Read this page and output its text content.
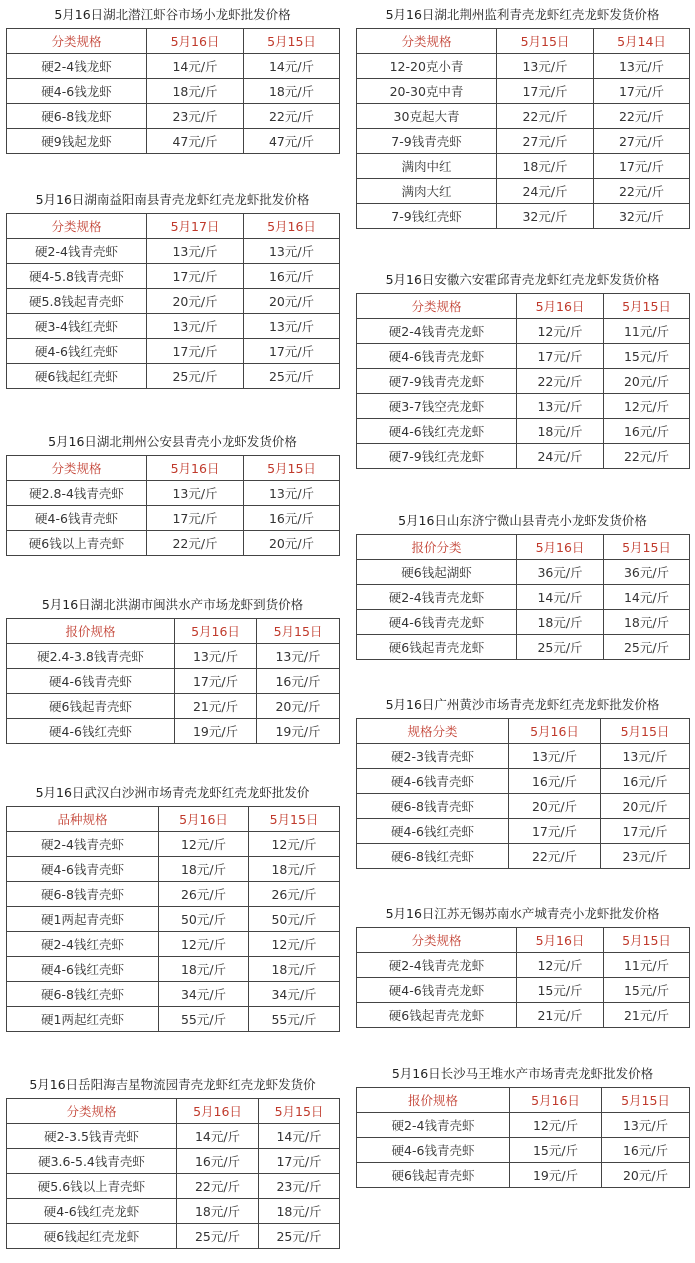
5月16日湖北潜江虾谷市场小龙虾批发价格
分类规格	5月16日	5月15日
硬2-4钱龙虾	14元/斤	14元/斤
硬4-6钱龙虾	18元/斤	18元/斤
硬6-8钱龙虾	23元/斤	22元/斤
硬9钱起龙虾	47元/斤	47元/斤
5月16日湖南益阳南县青壳龙虾红壳龙虾批发价格
分类规格	5月17日	5月16日
硬2-4钱青壳虾	13元/斤	13元/斤
硬4-5.8钱青壳虾	17元/斤	16元/斤
硬5.8钱起青壳虾	20元/斤	20元/斤
硬3-4钱红壳虾	13元/斤	13元/斤
硬4-6钱红壳虾	17元/斤	17元/斤
硬6钱起红壳虾	25元/斤	25元/斤
5月16日湖北荆州公安县青壳小龙虾发货价格
分类规格	5月16日	5月15日
硬2.8-4钱青壳虾	13元/斤	13元/斤
硬4-6钱青壳虾	17元/斤	16元/斤
硬6钱以上青壳虾	22元/斤	20元/斤
5月16日湖北洪湖市闽洪水产市场龙虾到货价格
报价规格	5月16日	5月15日
硬2.4-3.8钱青壳虾	13元/斤	13元/斤
硬4-6钱青壳虾	17元/斤	16元/斤
硬6钱起青壳虾	21元/斤	20元/斤
硬4-6钱红壳虾	19元/斤	19元/斤
5月16日武汉白沙洲市场青壳龙虾红壳龙虾批发价
品种规格	5月16日	5月15日
硬2-4钱青壳虾	12元/斤	12元/斤
硬4-6钱青壳虾	18元/斤	18元/斤
硬6-8钱青壳虾	26元/斤	26元/斤
硬1两起青壳虾	50元/斤	50元/斤
硬2-4钱红壳虾	12元/斤	12元/斤
硬4-6钱红壳虾	18元/斤	18元/斤
硬6-8钱红壳虾	34元/斤	34元/斤
硬1两起红壳虾	55元/斤	55元/斤
5月16日岳阳海吉星物流园青壳龙虾红壳龙虾发货价
分类规格	5月16日	5月15日
硬2-3.5钱青壳虾	14元/斤	14元/斤
硬3.6-5.4钱青壳虾	16元/斤	17元/斤
硬5.6钱以上青壳虾	22元/斤	23元/斤
硬4-6钱红壳龙虾	18元/斤	18元/斤
硬6钱起红壳龙虾	25元/斤	25元/斤
5月16日湖北荆州监利青壳龙虾红壳龙虾发货价格
分类规格	5月15日	5月14日
12-20克小青	13元/斤	13元/斤
20-30克中青	17元/斤	17元/斤
30克起大青	22元/斤	22元/斤
7-9钱青壳虾	27元/斤	27元/斤
满肉中红	18元/斤	17元/斤
满肉大红	24元/斤	22元/斤
7-9钱红壳虾	32元/斤	32元/斤
5月16日安徽六安霍邱青壳龙虾红壳龙虾发货价格
分类规格	5月16日	5月15日
硬2-4钱青壳龙虾	12元/斤	11元/斤
硬4-6钱青壳龙虾	17元/斤	15元/斤
硬7-9钱青壳龙虾	22元/斤	20元/斤
硬3-7钱空壳龙虾	13元/斤	12元/斤
硬4-6钱红壳龙虾	18元/斤	16元/斤
硬7-9钱红壳龙虾	24元/斤	22元/斤
5月16日山东济宁微山县青壳小龙虾发货价格
报价分类	5月16日	5月15日
硬6钱起湖虾	36元/斤	36元/斤
硬2-4钱青壳龙虾	14元/斤	14元/斤
硬4-6钱青壳龙虾	18元/斤	18元/斤
硬6钱起青壳龙虾	25元/斤	25元/斤
5月16日广州黄沙市场青壳龙虾红壳龙虾批发价格
规格分类	5月16日	5月15日
硬2-3钱青壳虾	13元/斤	13元/斤
硬4-6钱青壳虾	16元/斤	16元/斤
硬6-8钱青壳虾	20元/斤	20元/斤
硬4-6钱红壳虾	17元/斤	17元/斤
硬6-8钱红壳虾	22元/斤	23元/斤
5月16日江苏无锡苏南水产城青壳小龙虾批发价格
分类规格	5月16日	5月15日
硬2-4钱青壳龙虾	12元/斤	11元/斤
硬4-6钱青壳龙虾	15元/斤	15元/斤
硬6钱起青壳龙虾	21元/斤	21元/斤
5月16日长沙马王堆水产市场青壳龙虾批发价格
报价规格	5月16日	5月15日
硬2-4钱青壳虾	12元/斤	13元/斤
硬4-6钱青壳虾	15元/斤	16元/斤
硬6钱起青壳虾	19元/斤	20元/斤
